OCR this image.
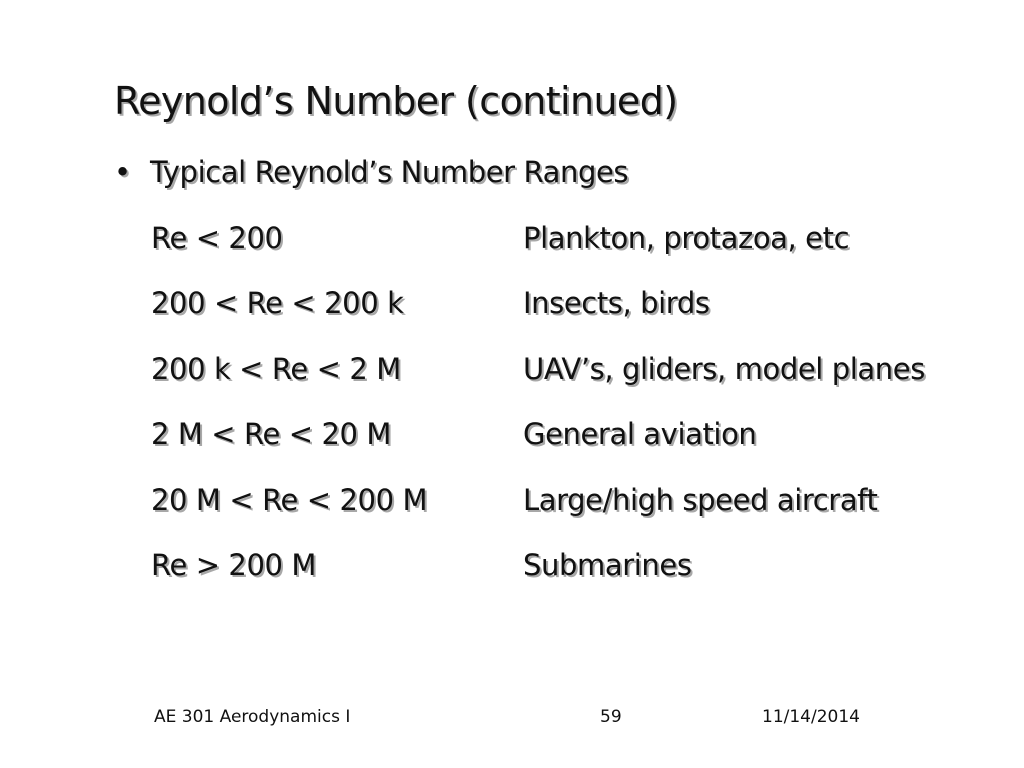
Reynold’s Number (continued)
• Typical Reynold’s Number Ranges
Re < 200	Plankton, protazoa, etc
200 < Re < 200 k	Insects, birds
200 k < Re < 2 M	UAV’s, gliders, model planes
2 M < Re < 20 M	General aviation
20 M < Re < 200 M	Large/high speed aircraft
Re > 200 M	Submarines
AE 301 Aerodynamics I	59	11/14/2014
